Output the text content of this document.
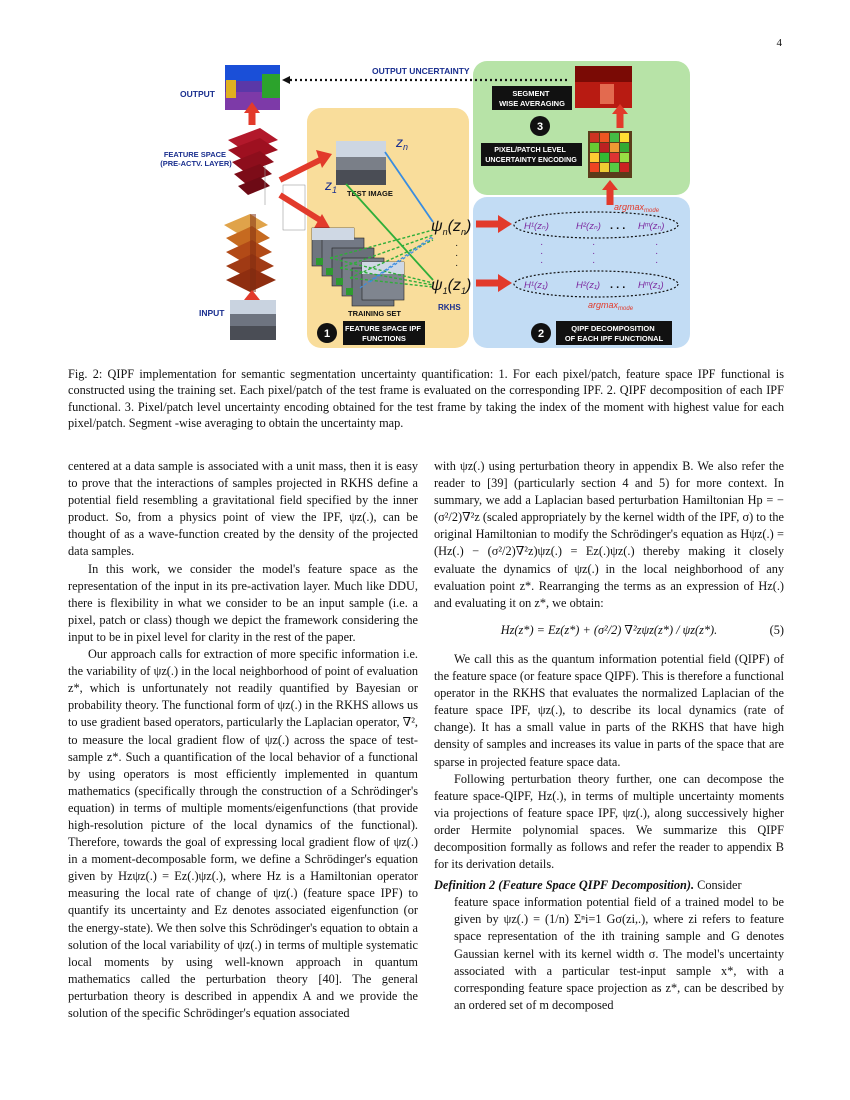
4
OUTPUT
OUTPUT UNCERTAINTY
SEGMENT WISE AVERAGING
3
PIXEL/PATCH LEVEL UNCERTAINTY ENCODING
FEATURE SPACE (PRE-ACTV. LAYER)
INPUT
TEST IMAGE
$z_n$
$z_1$
TRAINING SET
$\psi_n(z_n)$
·
·
·
$\psi_1(z_1)$
RKHS
argmax$_{mode}$
H¹(zₙ)	H²(zₙ) . . . Hᵐ(zₙ)
·
·
·
·
·
·
·
·
·
H¹(z₁)	H²(z₁) . . . Hᵐ(z₁)
argmax$_{mode}$
1 FEATURE SPACE IPF FUNCTIONS	2	QIPF DECOMPOSITION OF EACH IPF FUNCTIONAL
Fig. 2: QIPF implementation for semantic segmentation uncertainty quantification: 1. For each pixel/patch, feature space IPF functional is constructed using the training set. Each pixel/patch of the test frame is evaluated on the corresponding IPF. 2. QIPF decomposition of each IPF functional. 3. Pixel/patch level uncertainty encoding obtained for the test frame by taking the index of the moment with highest value for each pixel/patch. Segment -wise averaging to obtain the uncertainty map.

centered at a data sample is associated with a unit mass, then it is easy to prove that the interactions of samples projected in RKHS define a potential field resembling a gravitational field specified by the inner product. So, from a physics point of view the IPF, ψz(.), can be thought of as a wave-function created by the density of the projected data samples.

In this work, we consider the model's feature space as the representation of the input in its pre-activation layer. Much like DDU, there is flexibility in what we consider to be an input sample (i.e. a pixel, patch or class) though we depict the framework considering the input to be in pixel level for clarity in the rest of the paper.

Our approach calls for extraction of more specific information i.e. the variability of ψz(.) in the local neighborhood of point of evaluation z*, which is unfortunately not readily quantified by Bayesian or probability theory. The functional form of ψz(.) in the RKHS allows us to use gradient based operators, particularly the Laplacian operator, ∇², to measure the local gradient flow of ψz(.) across the space of test-sample z*. Such a quantification of the local behavior of a functional by using operators is most efficiently implemented in quantum mathematics (specifically through the construction of a Schrödinger's equation) in terms of multiple moments/eigenfunctions (that provide high-resolution picture of the local dynamics of the functional). Therefore, towards the goal of expressing local gradient flow of ψz(.) in a moment-decomposable form, we define a Schrödinger's equation given by Hzψz(.) = Ez(.)ψz(.), where Hz is a Hamiltonian operator measuring the local rate of change of ψz(.) (feature space IPF) to quantify its uncertainty and Ez denotes associated eigenfunction (or the energy-state). We then solve this Schrödinger's equation to obtain a solution of the local variability of ψz(.) in terms of multiple systematic local moments by using well-known approach in quantum mathematics called the perturbation theory [40]. The general perturbation theory is described in appendix A and we provide the solution of the specific Schrödinger's equation associated

with ψz(.) using perturbation theory in appendix B. We also refer the reader to [39] (particularly section 4 and 5) for more context. In summary, we add a Laplacian based perturbation Hamiltonian Hp = −(σ²/2)∇²z (scaled appropriately by the kernel width of the IPF, σ) to the original Hamiltonian to modify the Schrödinger's equation as Hψz(.) = (Hz(.) − (σ²/2)∇²z)ψz(.) = Ez(.)ψz(.) thereby making it closely evaluate the dynamics of ψz(.) in the local neighborhood of any evaluation point z*. Rearranging the terms as an expression of Hz(.) and evaluating it on z*, we obtain:

Hz(z*) = Ez(z*) + (σ²/2) ∇²zψz(z*) / ψz(z*).	(5)

We call this as the quantum information potential field (QIPF) of the feature space (or feature space QIPF). This is therefore a functional operator in the RKHS that evaluates the normalized Laplacian of the feature space IPF, ψz(.), to describe its local dynamics (rate of change). It has a small value in parts of the RKHS that have high density of samples and increases its value in parts of the space that are sparse in projected feature space data.

Following perturbation theory further, one can decompose the feature space-QIPF, Hz(.), in terms of multiple uncertainty moments via projections of feature space IPF, ψz(.), along successively higher order Hermite polynomial spaces. We summarize this QIPF decomposition formally as follows and refer the reader to appendix B for its derivation details.

Definition 2 (Feature Space QIPF Decomposition). Consider

feature space information potential field of a trained model to be given by ψz(.) = (1/n) Σⁿi=1 Gσ(zi,.), where zi refers to feature space representation of the ith training sample and G denotes Gaussian kernel with its kernel width σ. The model's uncertainty associated with a particular test-input sample x*, with a corresponding feature space projection as z*, can be described by an ordered set of m decomposed
